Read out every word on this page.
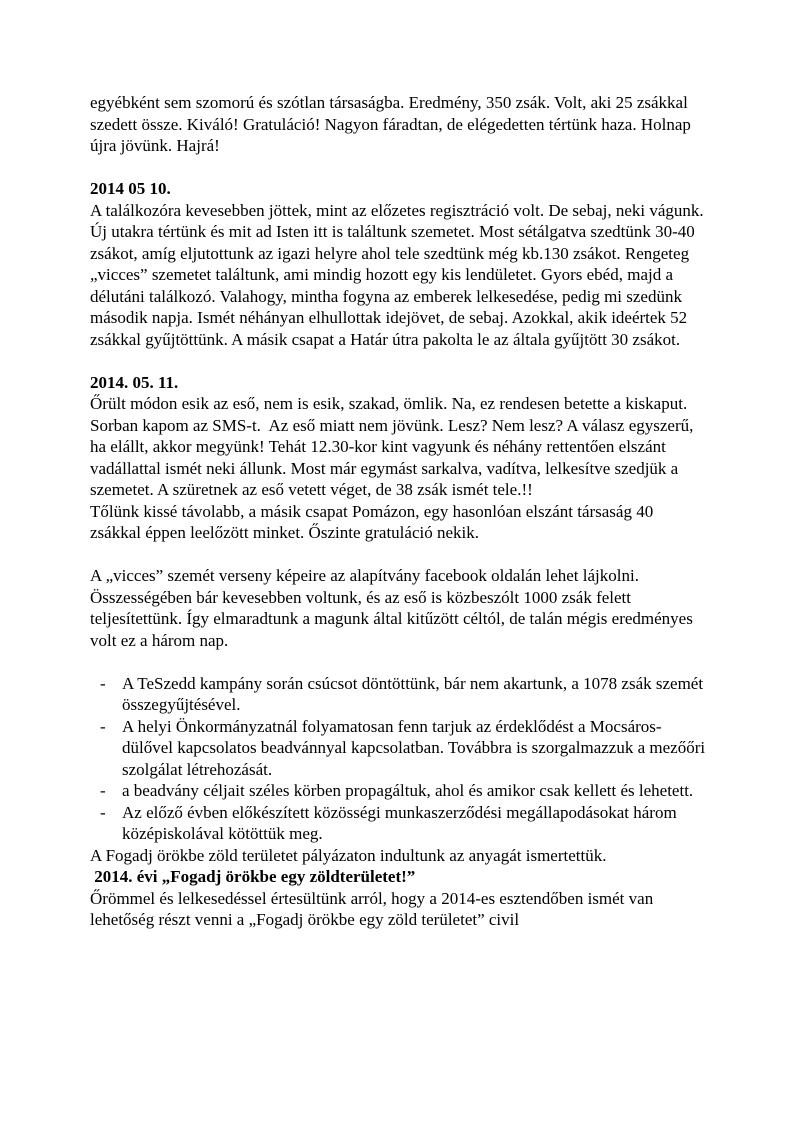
egyébként sem szomorú és szótlan társaságba. Eredmény, 350 zsák. Volt, aki 25 zsákkal szedett össze. Kiváló! Gratuláció! Nagyon fáradtan, de elégedetten tértünk haza. Holnap újra jövünk. Hajrá!
2014 05 10.
A találkozóra kevesebben jöttek, mint az előzetes regisztráció volt. De sebaj, neki vágunk. Új utakra tértünk és mit ad Isten itt is találtunk szemetet. Most sétálgatva szedtünk 30-40 zsákot, amíg eljutottunk az igazi helyre ahol tele szedtünk még kb.130 zsákot. Rengeteg „vicces” szemetet találtunk, ami mindig hozott egy kis lendületet. Gyors ebéd, majd a délutáni találkozó. Valahogy, mintha fogyna az emberek lelkesedése, pedig mi szedünk második napja. Ismét néhányan elhullottak idejövet, de sebaj. Azokkal, akik ideértek 52 zsákkal gyűjtöttünk. A másik csapat a Határ útra pakolta le az általa gyűjtött 30 zsákot.
2014. 05. 11.
Őrült módon esik az eső, nem is esik, szakad, ömlik. Na, ez rendesen betette a kiskaput. Sorban kapom az SMS-t.  Az eső miatt nem jövünk. Lesz? Nem lesz? A válasz egyszerű, ha elállt, akkor megyünk! Tehát 12.30-kor kint vagyunk és néhány rettentően elszánt vadállattal ismét neki állunk. Most már egymást sarkalva, vadítva, lelkesítve szedjük a szemetet. A szüretnek az eső vetett véget, de 38 zsák ismét tele.!!
Tőlünk kissé távolabb, a másik csapat Pomázon, egy hasonlóan elszánt társaság 40 zsákkal éppen leelőzött minket. Őszinte gratuláció nekik.
A „vicces” szemét verseny képeire az alapítvány facebook oldalán lehet lájkolni. Összességében bár kevesebben voltunk, és az eső is közbeszólt 1000 zsák felett teljesítettünk. Így elmaradtunk a magunk által kitűzött céltól, de talán mégis eredményes volt ez a három nap.
- A TeSzedd kampány során csúcsot döntöttünk, bár nem akartunk, a 1078 zsák szemét összegyűjtésével.
- A helyi Önkormányzatnál folyamatosan fenn tarjuk az érdeklődést a Mocsáros-dülővel kapcsolatos beadvánnyal kapcsolatban. Továbbra is szorgalmazzuk a mezőőri szolgálat létrehozását.
- a beadvány céljait széles körben propagáltuk, ahol és amikor csak kellett és lehetett.
- Az előző évben előkészített közösségi munkaszerződési megállapodásokat három középiskolával kötöttük meg.
A Fogadj örökbe zöld területet pályázaton indultunk az anyagát ismertettük.
2014. évi „Fogadj örökbe egy zöldterületet!”
Őrömmel és lelkesedéssel értesültünk arról, hogy a 2014-es esztendőben ismét van lehetőség részt venni a „Fogadj örökbe egy zöld területet” civil
